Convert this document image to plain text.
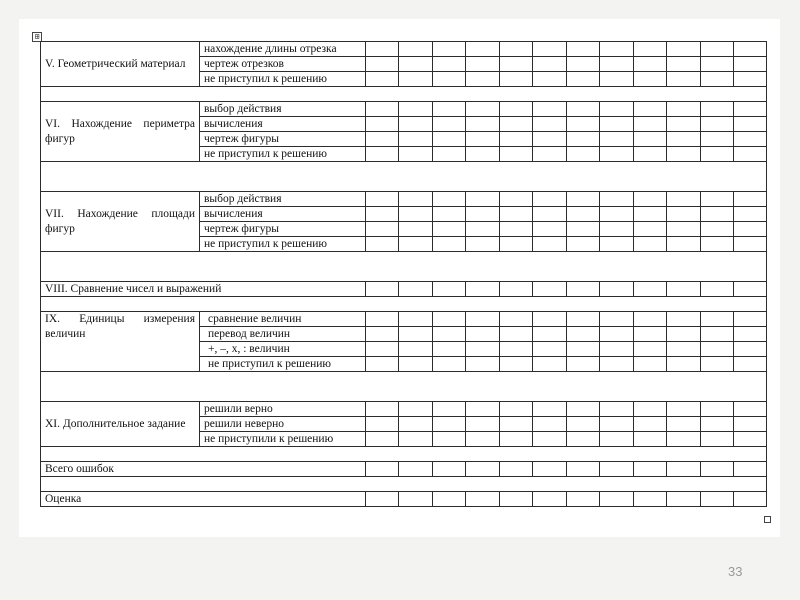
⊞
V. Геометрический материал	нахождение длины отрезка												
	чертеж отрезков												
	не приступил к решению												

VI. Нахождение периметра фигур	выбор действия												
	вычисления												
	чертеж фигуры												
	не приступил к решению												

VII. Нахождение площади фигур	выбор действия												
	вычисления												
	чертеж фигуры												
	не приступил к решению												

VIII. Сравнение чисел и выражений													

IX. Единицы измерения величин	сравнение величин												
	перевод величин												
	+, –, х, : величин												
	не приступил к решению												

XI. Дополнительное задание	решили верно												
	решили неверно												
	не приступили к решению												

Всего ошибок													

Оценка													
33
